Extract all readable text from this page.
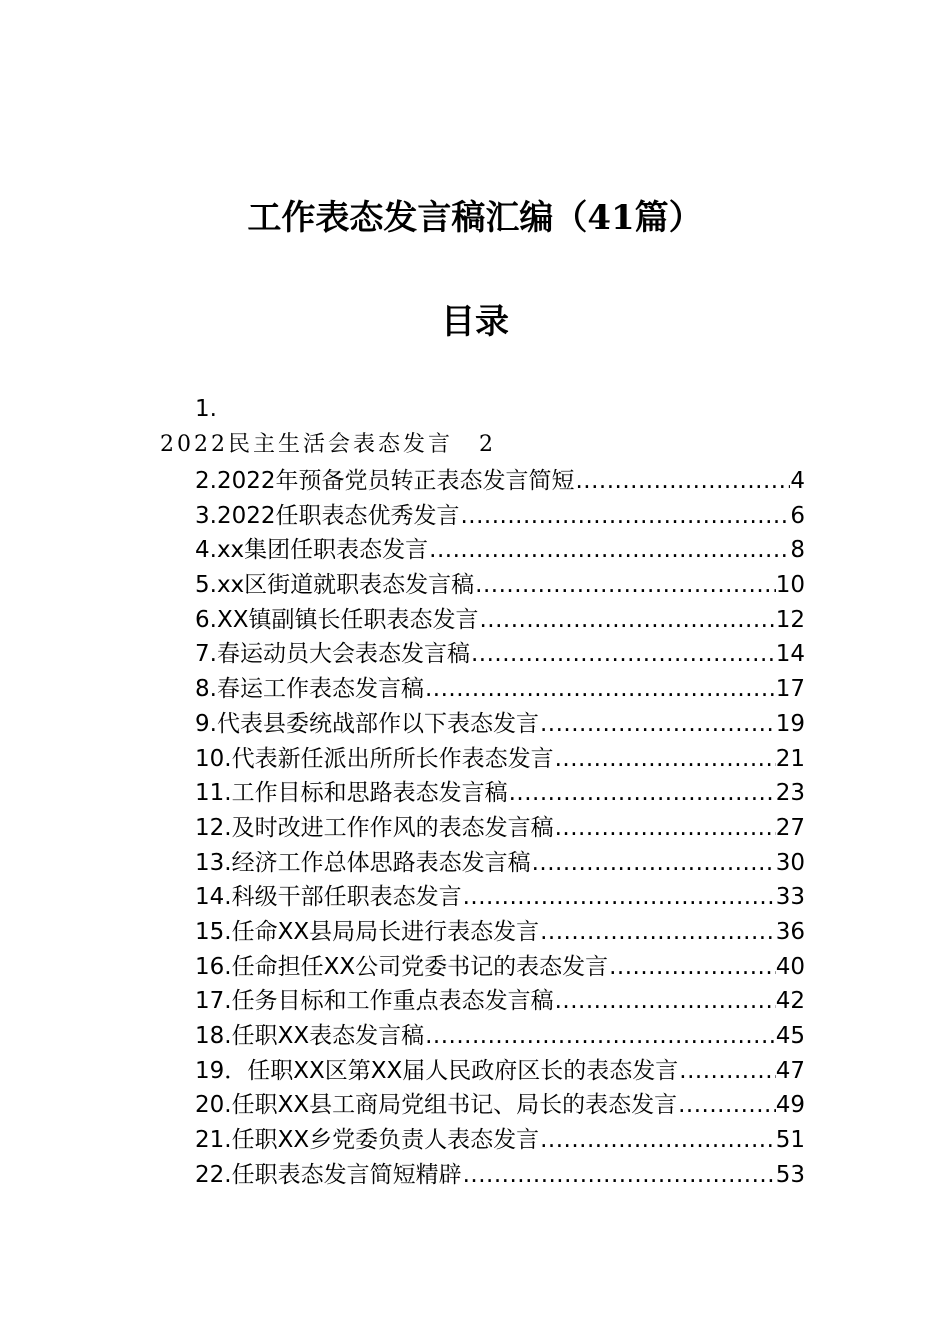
工作表态发言稿汇编（41篇）
目录
1.
2022民主生活会表态发言 2
2.2022年预备党员转正表态发言简短 .....	4
3.2022任职表态优秀发言 .....	6
4.xx集团任职表态发言 .....	8
5.xx区街道就职表态发言稿 .....	10
6.XX镇副镇长任职表态发言 .....	12
7.春运动员大会表态发言稿 .....	14
8.春运工作表态发言稿 .....	17
9.代表县委统战部作以下表态发言 .....	19
10.代表新任派出所所长作表态发言 .....	21
11.工作目标和思路表态发言稿 .....	23
12.及时改进工作作风的表态发言稿 .....	27
13.经济工作总体思路表态发言稿 .....	30
14.科级干部任职表态发言 .....	33
15.任命XX县局局长进行表态发言 .....	36
16.任命担任XX公司党委书记的表态发言 .....	40
17.任务目标和工作重点表态发言稿 .....	42
18.任职XX表态发言稿 .....	45
19．任职XX区第XX届人民政府区长的表态发言 .....	47
20.任职XX县工商局党组书记、局长的表态发言 .....	49
21.任职XX乡党委负责人表态发言 .....	51
22.任职表态发言简短精辟 .....	53
